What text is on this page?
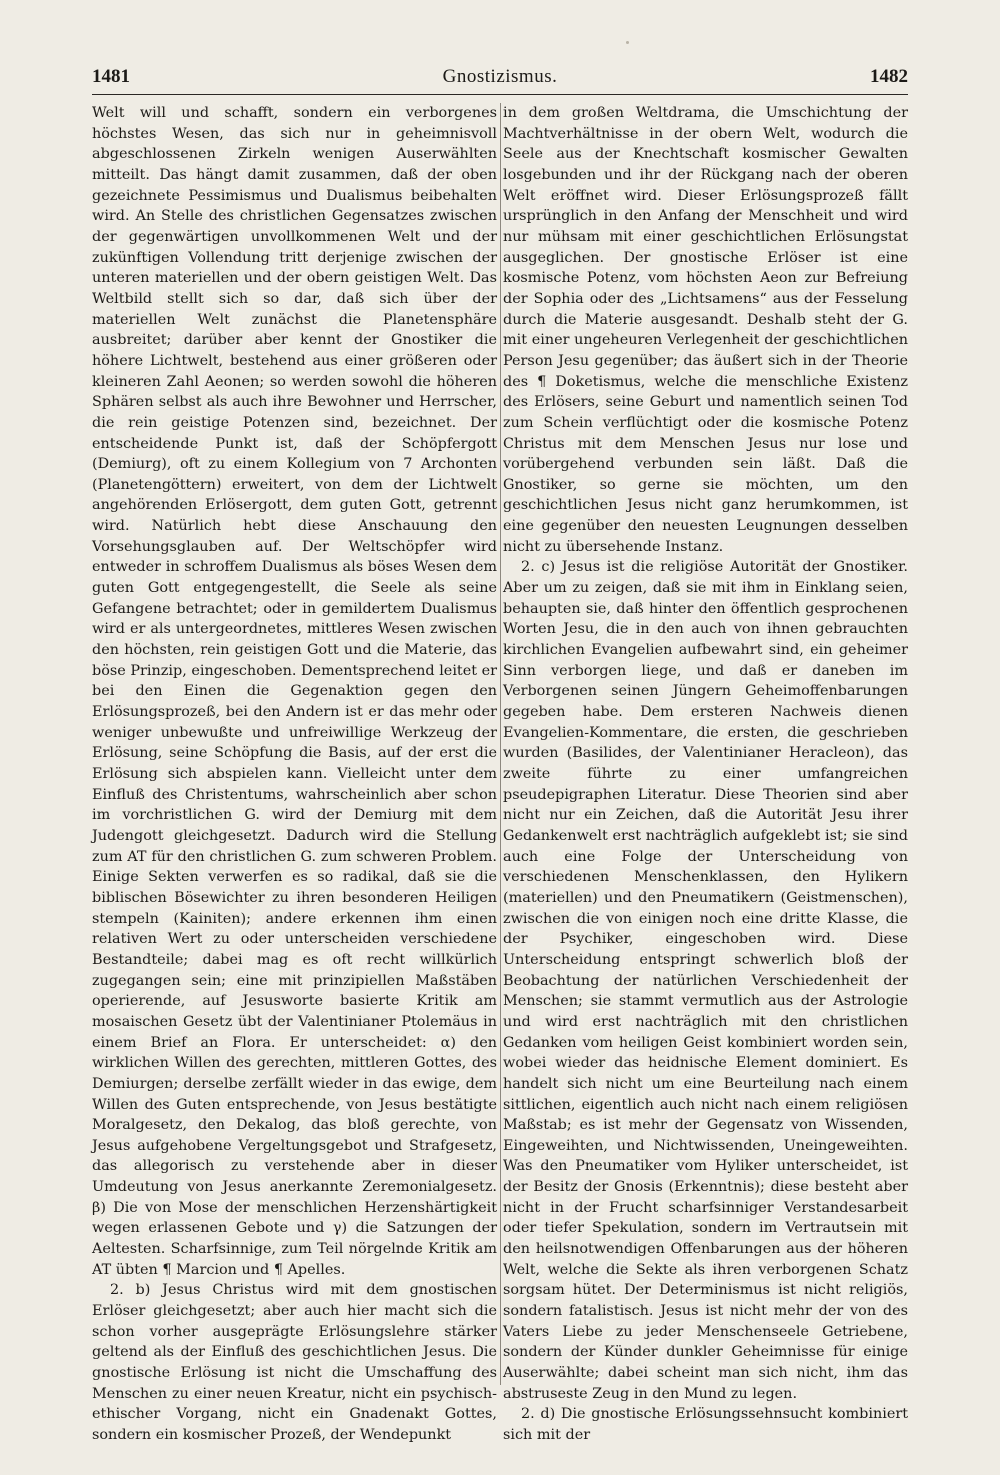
1481	Gnostizismus.	1482

Welt will und schafft, sondern ein verborgenes höchstes Wesen, das sich nur in geheimnisvoll abgeschlossenen Zirkeln wenigen Auserwählten mitteilt. Das hängt damit zusammen, daß der oben gezeichnete Pessimismus und Dualismus beibehalten wird. An Stelle des christlichen Gegensatzes zwischen der gegenwärtigen unvollkommenen Welt und der zukünftigen Vollendung tritt derjenige zwischen der unteren materiellen und der obern geistigen Welt. Das Weltbild stellt sich so dar, daß sich über der materiellen Welt zunächst die Planetensphäre ausbreitet; darüber aber kennt der Gnostiker die höhere Lichtwelt, bestehend aus einer größeren oder kleineren Zahl Aeonen; so werden sowohl die höheren Sphären selbst als auch ihre Bewohner und Herrscher, die rein geistige Potenzen sind, bezeichnet. Der entscheidende Punkt ist, daß der Schöpfergott (Demiurg), oft zu einem Kollegium von 7 Archonten (Planetengöttern) erweitert, von dem der Lichtwelt angehörenden Erlösergott, dem guten Gott, getrennt wird. Natürlich hebt diese Anschauung den Vorsehungsglauben auf. Der Weltschöpfer wird entweder in schroffem Dualismus als böses Wesen dem guten Gott entgegengestellt, die Seele als seine Gefangene betrachtet; oder in gemildertem Dualismus wird er als untergeordnetes, mittleres Wesen zwischen den höchsten, rein geistigen Gott und die Materie, das böse Prinzip, eingeschoben. Dementsprechend leitet er bei den Einen die Gegenaktion gegen den Erlösungsprozeß, bei den Andern ist er das mehr oder weniger unbewußte und unfreiwillige Werkzeug der Erlösung, seine Schöpfung die Basis, auf der erst die Erlösung sich abspielen kann. Vielleicht unter dem Einfluß des Christentums, wahrscheinlich aber schon im vorchristlichen G. wird der Demiurg mit dem Judengott gleichgesetzt. Dadurch wird die Stellung zum AT für den christlichen G. zum schweren Problem. Einige Sekten verwerfen es so radikal, daß sie die biblischen Bösewichter zu ihren besonderen Heiligen stempeln (Kainiten); andere erkennen ihm einen relativen Wert zu oder unterscheiden verschiedene Bestandteile; dabei mag es oft recht willkürlich zugegangen sein; eine mit prinzipiellen Maßstäben operierende, auf Jesusworte basierte Kritik am mosaischen Gesetz übt der Valentinianer Ptolemäus in einem Brief an Flora. Er unterscheidet: α) den wirklichen Willen des gerechten, mittleren Gottes, des Demiurgen; derselbe zerfällt wieder in das ewige, dem Willen des Guten entsprechende, von Jesus bestätigte Moralgesetz, den Dekalog, das bloß gerechte, von Jesus aufgehobene Vergeltungsgebot und Strafgesetz, das allegorisch zu verstehende aber in dieser Umdeutung von Jesus anerkannte Zeremonialgesetz. β) Die von Mose der menschlichen Herzenshärtigkeit wegen erlassenen Gebote und γ) die Satzungen der Aeltesten. Scharfsinnige, zum Teil nörgelnde Kritik am AT übten ¶ Marcion und ¶ Apelles.

2. b) Jesus Christus wird mit dem gnostischen Erlöser gleichgesetzt; aber auch hier macht sich die schon vorher ausgeprägte Erlösungslehre stärker geltend als der Einfluß des geschichtlichen Jesus. Die gnostische Erlösung ist nicht die Umschaffung des Menschen zu einer neuen Kreatur, nicht ein psychisch-ethischer Vorgang, nicht ein Gnadenakt Gottes, sondern ein kosmischer Prozeß, der Wendepunkt

in dem großen Weltdrama, die Umschichtung der Machtverhältnisse in der obern Welt, wodurch die Seele aus der Knechtschaft kosmischer Gewalten losgebunden und ihr der Rückgang nach der oberen Welt eröffnet wird. Dieser Erlösungsprozeß fällt ursprünglich in den Anfang der Menschheit und wird nur mühsam mit einer geschichtlichen Erlösungstat ausgeglichen. Der gnostische Erlöser ist eine kosmische Potenz, vom höchsten Aeon zur Befreiung der Sophia oder des „Lichtsamens“ aus der Fesselung durch die Materie ausgesandt. Deshalb steht der G. mit einer ungeheuren Verlegenheit der geschichtlichen Person Jesu gegenüber; das äußert sich in der Theorie des ¶ Doketismus, welche die menschliche Existenz des Erlösers, seine Geburt und namentlich seinen Tod zum Schein verflüchtigt oder die kosmische Potenz Christus mit dem Menschen Jesus nur lose und vorübergehend verbunden sein läßt. Daß die Gnostiker, so gerne sie möchten, um den geschichtlichen Jesus nicht ganz herumkommen, ist eine gegenüber den neuesten Leugnungen desselben nicht zu übersehende Instanz.

2. c) Jesus ist die religiöse Autorität der Gnostiker. Aber um zu zeigen, daß sie mit ihm in Einklang seien, behaupten sie, daß hinter den öffentlich gesprochenen Worten Jesu, die in den auch von ihnen gebrauchten kirchlichen Evangelien aufbewahrt sind, ein geheimer Sinn verborgen liege, und daß er daneben im Verborgenen seinen Jüngern Geheimoffenbarungen gegeben habe. Dem ersteren Nachweis dienen Evangelien-Kommentare, die ersten, die geschrieben wurden (Basilides, der Valentinianer Heracleon), das zweite führte zu einer umfangreichen pseudepigraphen Literatur. Diese Theorien sind aber nicht nur ein Zeichen, daß die Autorität Jesu ihrer Gedankenwelt erst nachträglich aufgeklebt ist; sie sind auch eine Folge der Unterscheidung von verschiedenen Menschenklassen, den Hylikern (materiellen) und den Pneumatikern (Geistmenschen), zwischen die von einigen noch eine dritte Klasse, die der Psychiker, eingeschoben wird. Diese Unterscheidung entspringt schwerlich bloß der Beobachtung der natürlichen Verschiedenheit der Menschen; sie stammt vermutlich aus der Astrologie und wird erst nachträglich mit den christlichen Gedanken vom heiligen Geist kombiniert worden sein, wobei wieder das heidnische Element dominiert. Es handelt sich nicht um eine Beurteilung nach einem sittlichen, eigentlich auch nicht nach einem religiösen Maßstab; es ist mehr der Gegensatz von Wissenden, Eingeweihten, und Nichtwissenden, Uneingeweihten. Was den Pneumatiker vom Hyliker unterscheidet, ist der Besitz der Gnosis (Erkenntnis); diese besteht aber nicht in der Frucht scharfsinniger Verstandesarbeit oder tiefer Spekulation, sondern im Vertrautsein mit den heilsnotwendigen Offenbarungen aus der höheren Welt, welche die Sekte als ihren verborgenen Schatz sorgsam hütet. Der Determinismus ist nicht religiös, sondern fatalistisch. Jesus ist nicht mehr der von des Vaters Liebe zu jeder Menschenseele Getriebene, sondern der Künder dunkler Geheimnisse für einige Auserwählte; dabei scheint man sich nicht, ihm das abstruseste Zeug in den Mund zu legen.

2. d) Die gnostische Erlösungssehnsucht kombiniert sich mit der
